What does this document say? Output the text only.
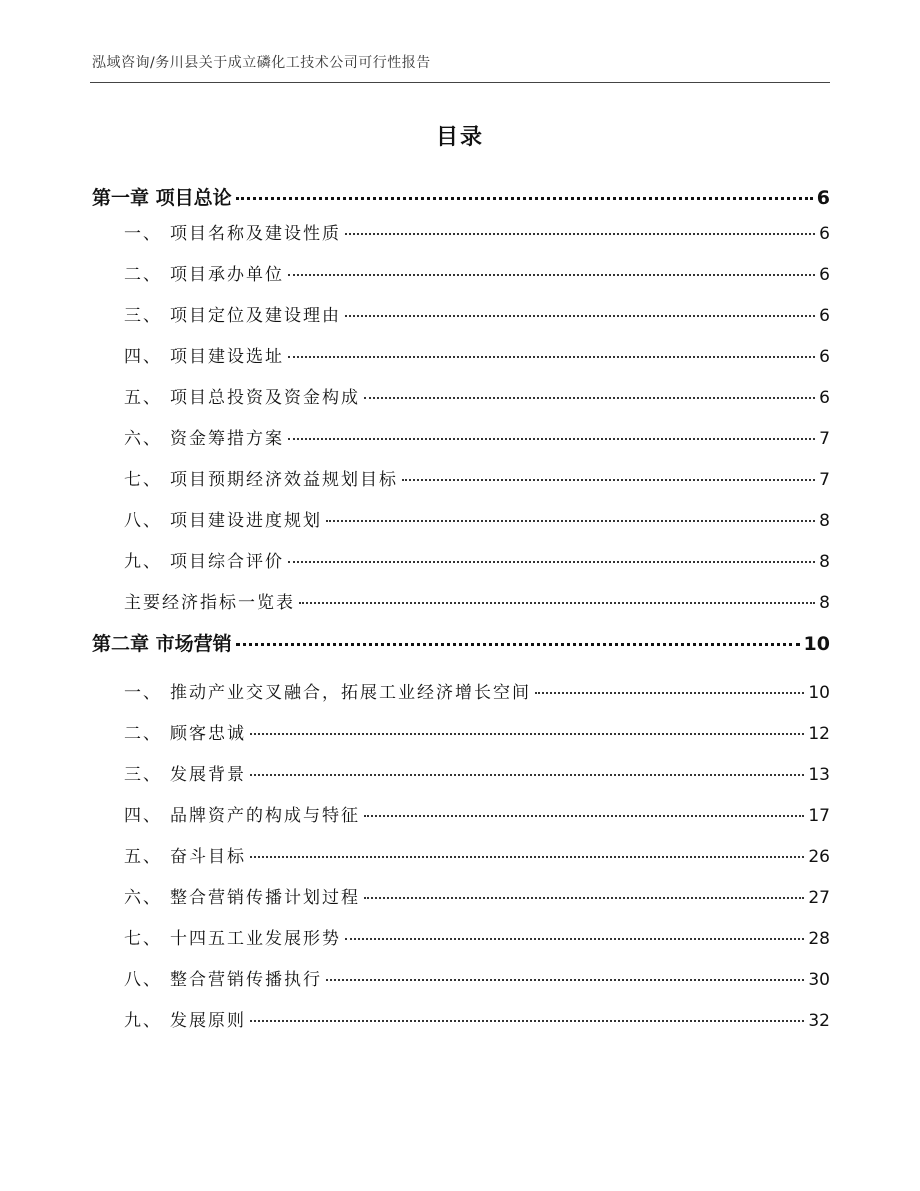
泓域咨询/务川县关于成立磷化工技术公司可行性报告
目录
第一章 项目总论	6
一、 项目名称及建设性质	6
二、 项目承办单位	6
三、 项目定位及建设理由	6
四、 项目建设选址	6
五、 项目总投资及资金构成	6
六、 资金筹措方案	7
七、 项目预期经济效益规划目标	7
八、 项目建设进度规划	8
九、 项目综合评价	8
主要经济指标一览表	8
第二章 市场营销	10
一、 推动产业交叉融合，拓展工业经济增长空间	10
二、 顾客忠诚	12
三、 发展背景	13
四、 品牌资产的构成与特征	17
五、 奋斗目标	26
六、 整合营销传播计划过程	27
七、 十四五工业发展形势	28
八、 整合营销传播执行	30
九、 发展原则	32
